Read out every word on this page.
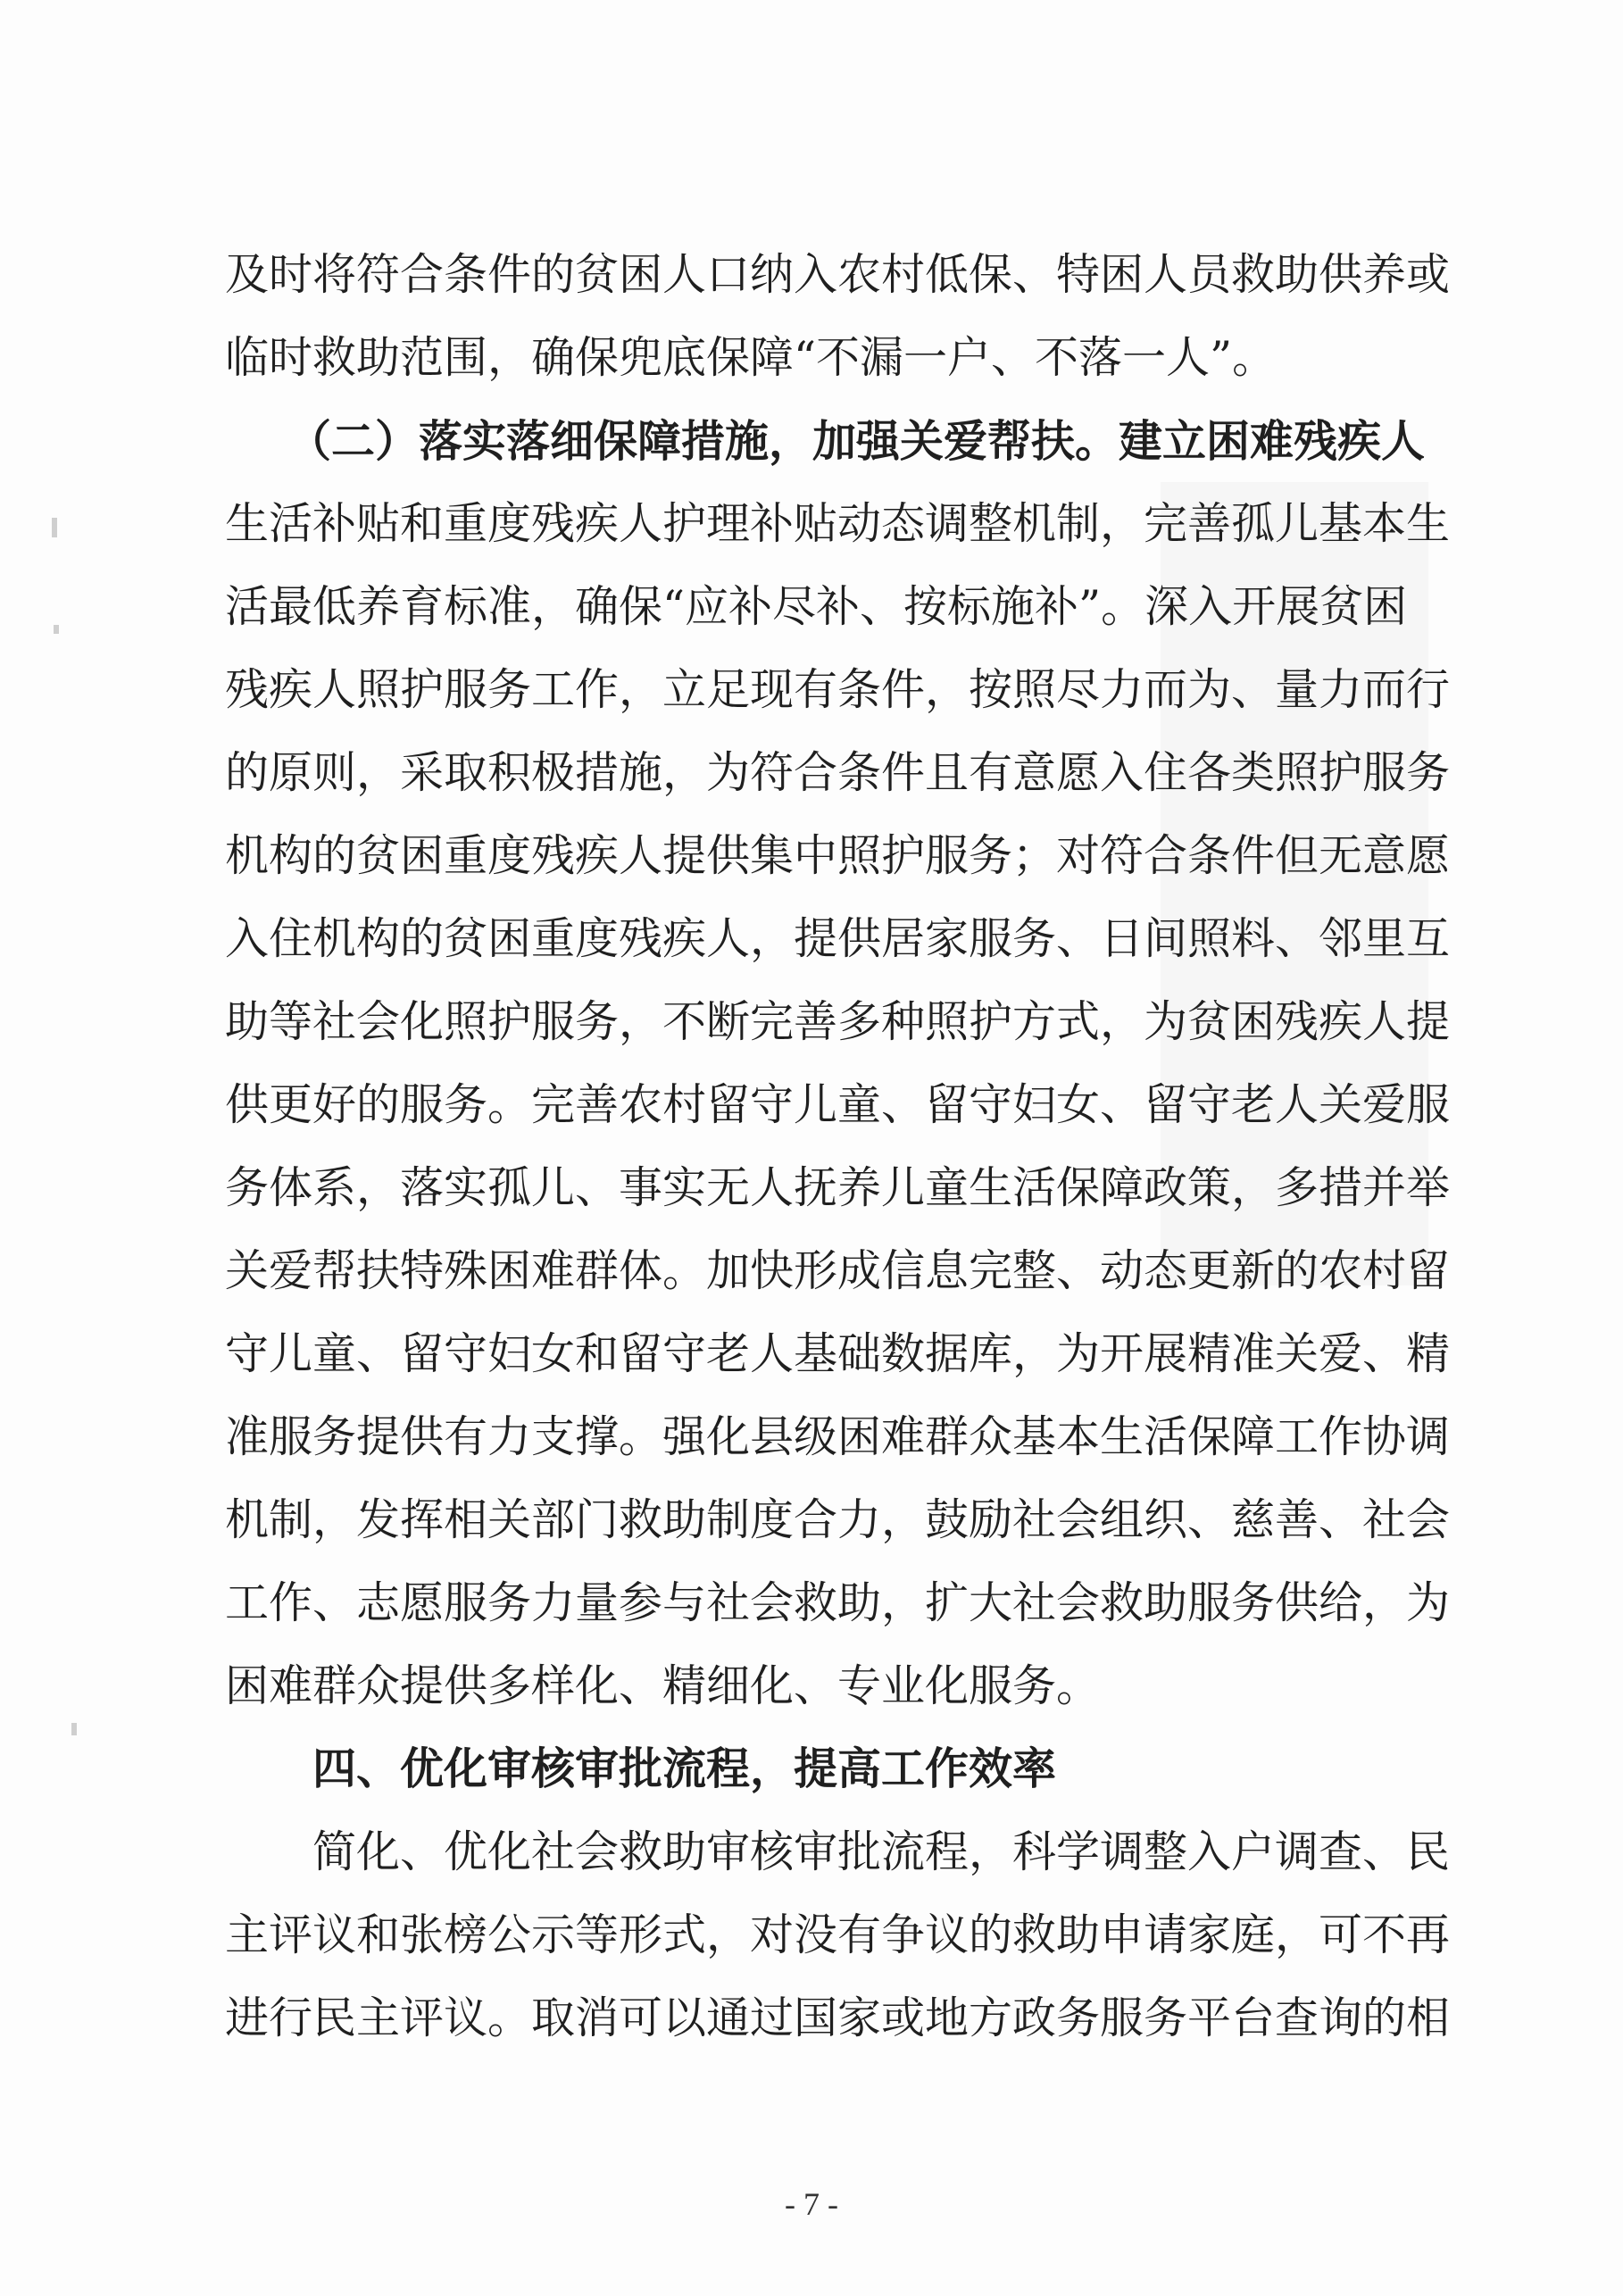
及时将符合条件的贫困人口纳入农村低保、特困人员救助供养或
临时救助范围，确保兜底保障“不漏一户、不落一人”。
（二）落实落细保障措施，加强关爱帮扶。建立困难残疾人
生活补贴和重度残疾人护理补贴动态调整机制，完善孤儿基本生
活最低养育标准，确保“应补尽补、按标施补”。深入开展贫困
残疾人照护服务工作，立足现有条件，按照尽力而为、量力而行
的原则，采取积极措施，为符合条件且有意愿入住各类照护服务
机构的贫困重度残疾人提供集中照护服务；对符合条件但无意愿
入住机构的贫困重度残疾人，提供居家服务、日间照料、邻里互
助等社会化照护服务，不断完善多种照护方式，为贫困残疾人提
供更好的服务。完善农村留守儿童、留守妇女、留守老人关爱服
务体系，落实孤儿、事实无人抚养儿童生活保障政策，多措并举
关爱帮扶特殊困难群体。加快形成信息完整、动态更新的农村留
守儿童、留守妇女和留守老人基础数据库，为开展精准关爱、精
准服务提供有力支撑。强化县级困难群众基本生活保障工作协调
机制，发挥相关部门救助制度合力，鼓励社会组织、慈善、社会
工作、志愿服务力量参与社会救助，扩大社会救助服务供给，为
困难群众提供多样化、精细化、专业化服务。
四、优化审核审批流程，提高工作效率
简化、优化社会救助审核审批流程，科学调整入户调查、民
主评议和张榜公示等形式，对没有争议的救助申请家庭，可不再
进行民主评议。取消可以通过国家或地方政务服务平台查询的相
- 7 -
